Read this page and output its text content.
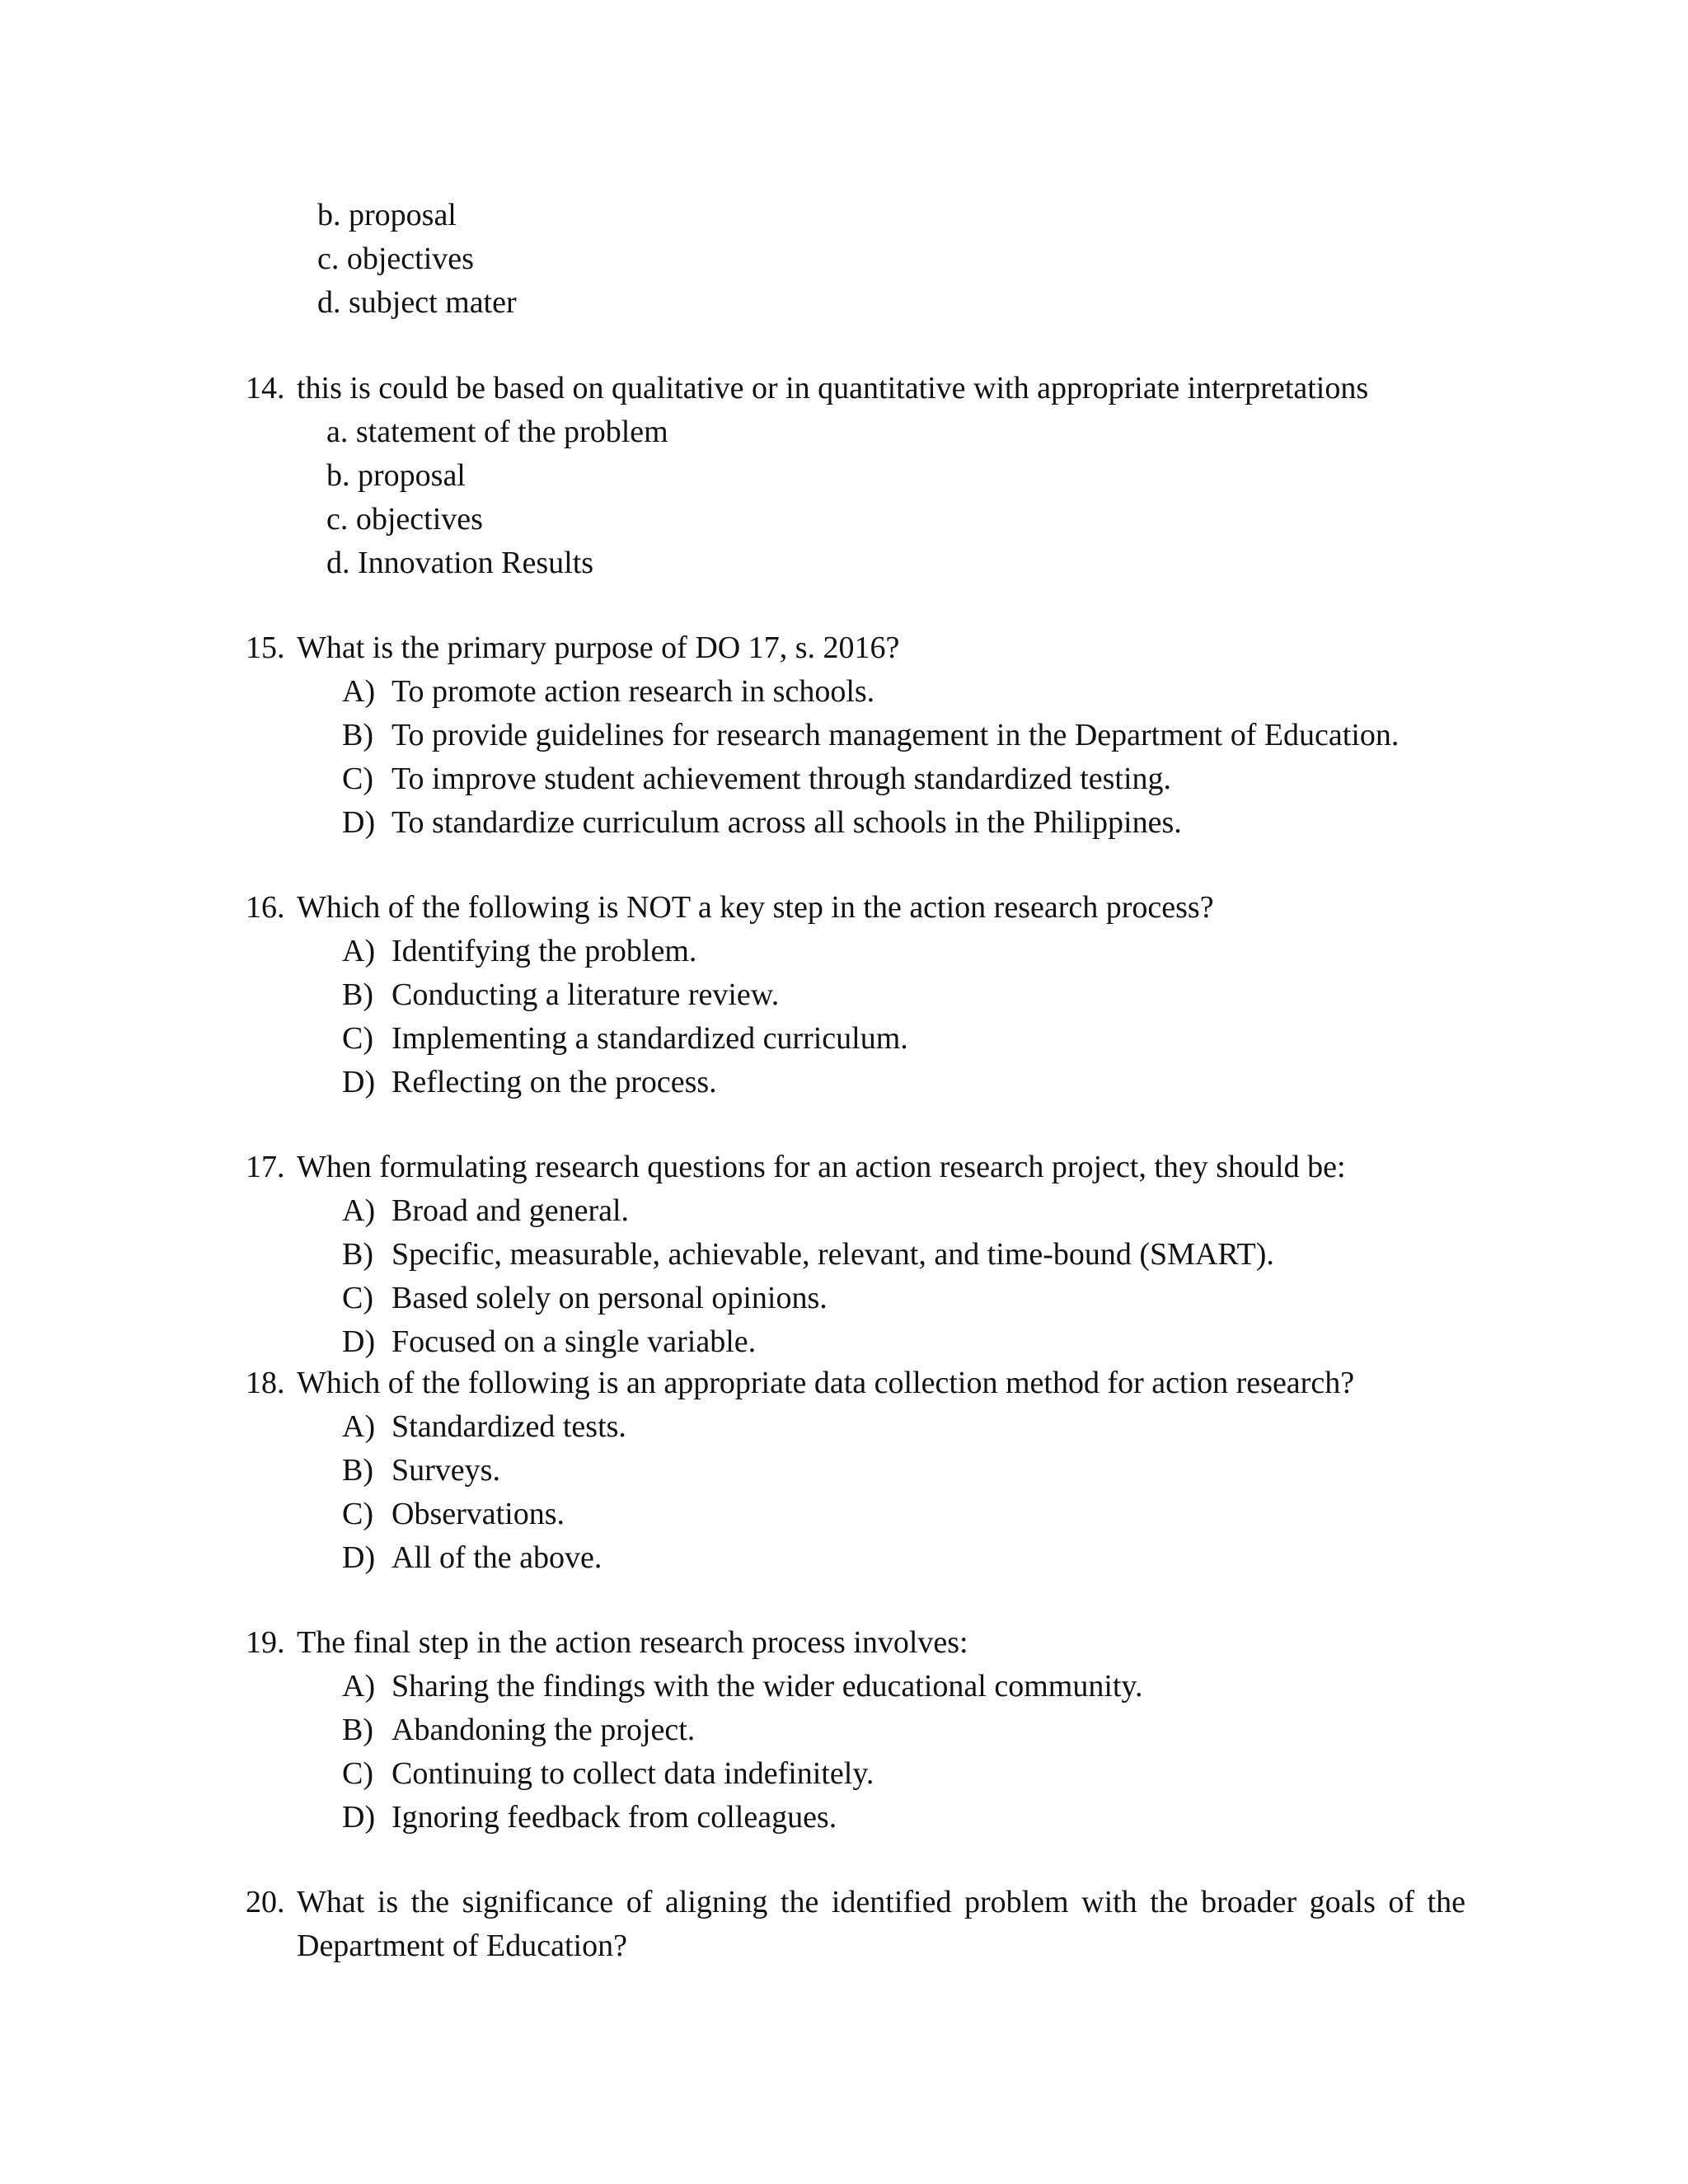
b. proposal
c. objectives
d. subject mater
14. this is could be based on qualitative or in quantitative with appropriate interpretations
a. statement of the problem
b. proposal
c. objectives
d. Innovation Results
15. What is the primary purpose of DO 17, s. 2016?
A) To promote action research in schools.
B) To provide guidelines for research management in the Department of Education.
C) To improve student achievement through standardized testing.
D) To standardize curriculum across all schools in the Philippines.
16. Which of the following is NOT a key step in the action research process?
A) Identifying the problem.
B) Conducting a literature review.
C) Implementing a standardized curriculum.
D) Reflecting on the process.
17. When formulating research questions for an action research project, they should be:
A) Broad and general.
B) Specific, measurable, achievable, relevant, and time-bound (SMART).
C) Based solely on personal opinions.
D) Focused on a single variable.
18. Which of the following is an appropriate data collection method for action research?
A) Standardized tests.
B) Surveys.
C) Observations.
D) All of the above.
19. The final step in the action research process involves:
A) Sharing the findings with the wider educational community.
B) Abandoning the project.
C) Continuing to collect data indefinitely.
D) Ignoring feedback from colleagues.
20. What is the significance of aligning the identified problem with the broader goals of the
Department of Education?
